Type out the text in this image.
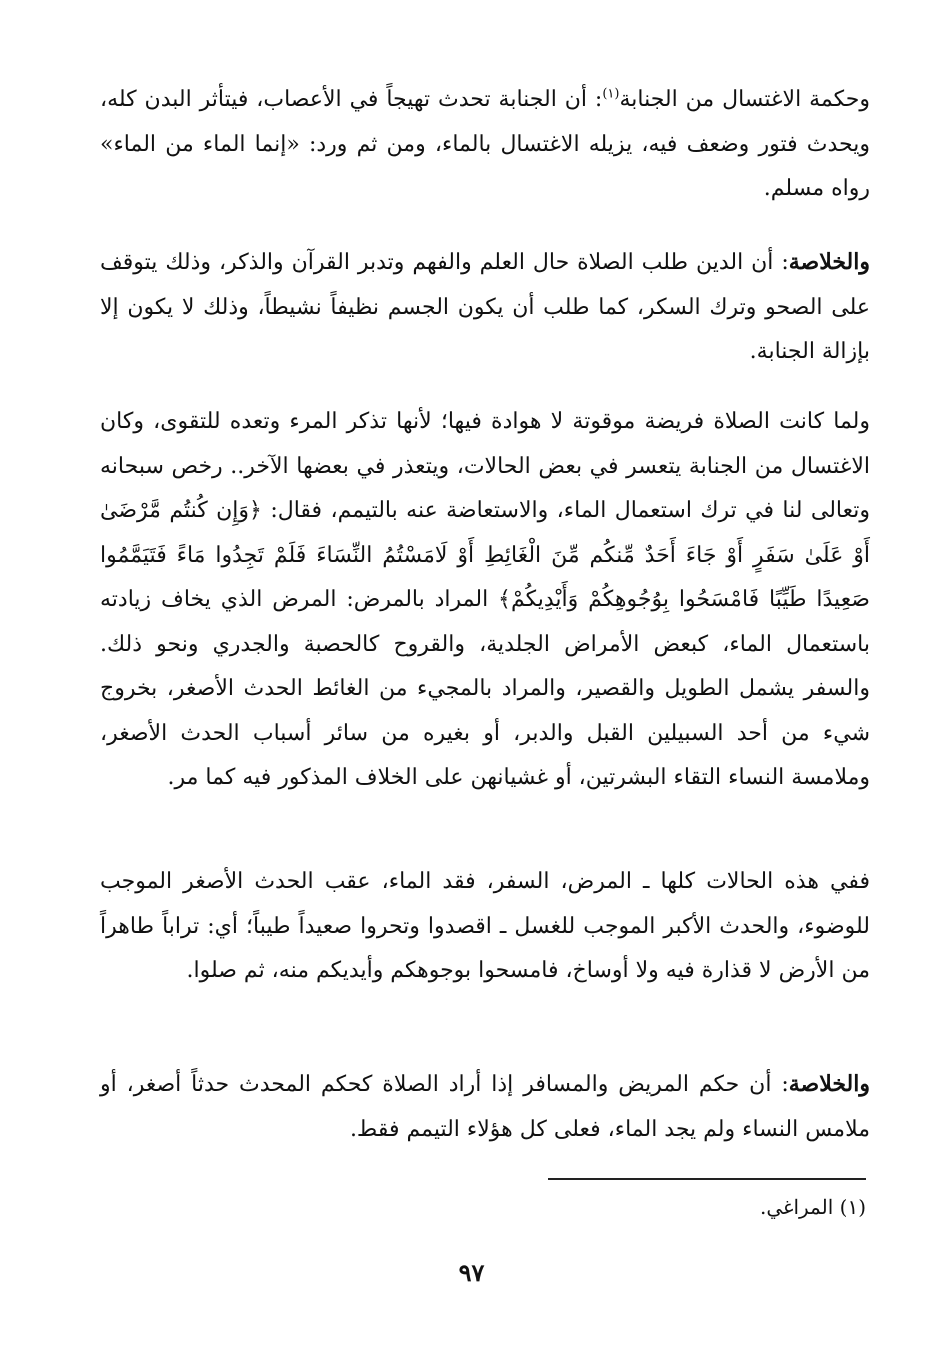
وحكمة الاغتسال من الجنابة$^{(١)}$: أن الجنابة تحدث تهيجاً في الأعصاب، فيتأثر البدن كله، ويحدث فتور وضعف فيه، يزيله الاغتسال بالماء، ومن ثم ورد: «إنما الماء من الماء» رواه مسلم.

والخلاصة: أن الدين طلب الصلاة حال العلم والفهم وتدبر القرآن والذكر، وذلك يتوقف على الصحو وترك السكر، كما طلب أن يكون الجسم نظيفاً نشيطاً، وذلك لا يكون إلا بإزالة الجنابة.

ولما كانت الصلاة فريضة موقوتة لا هوادة فيها؛ لأنها تذكر المرء وتعده للتقوى، وكان الاغتسال من الجنابة يتعسر في بعض الحالات، ويتعذر في بعضها الآخر.. رخص سبحانه وتعالى لنا في ترك استعمال الماء، والاستعاضة عنه بالتيمم، فقال: ﴿وَإِن كُنتُم مَّرْضَىٰ أَوْ عَلَىٰ سَفَرٍ أَوْ جَاءَ أَحَدٌ مِّنكُم مِّنَ الْغَائِطِ أَوْ لَامَسْتُمُ النِّسَاءَ فَلَمْ تَجِدُوا مَاءً فَتَيَمَّمُوا صَعِيدًا طَيِّبًا فَامْسَحُوا بِوُجُوهِكُمْ وَأَيْدِيكُمْ﴾ المراد بالمرض: المرض الذي يخاف زيادته باستعمال الماء، كبعض الأمراض الجلدية، والقروح كالحصبة والجدري ونحو ذلك. والسفر يشمل الطويل والقصير، والمراد بالمجيء من الغائط الحدث الأصغر، بخروج شيء من أحد السبيلين القبل والدبر، أو بغيره من سائر أسباب الحدث الأصغر، وملامسة النساء التقاء البشرتين، أو غشيانهن على الخلاف المذكور فيه كما مر.

ففي هذه الحالات كلها ـ المرض، السفر، فقد الماء، عقب الحدث الأصغر الموجب للوضوء، والحدث الأكبر الموجب للغسل ـ اقصدوا وتحروا صعيداً طيباً؛ أي: تراباً طاهراً من الأرض لا قذارة فيه ولا أوساخ، فامسحوا بوجوهكم وأيديكم منه، ثم صلوا.

والخلاصة: أن حكم المريض والمسافر إذا أراد الصلاة كحكم المحدث حدثاً أصغر، أو ملامس النساء ولم يجد الماء، فعلى كل هؤلاء التيمم فقط.

(١) المراغي.
٩٧
